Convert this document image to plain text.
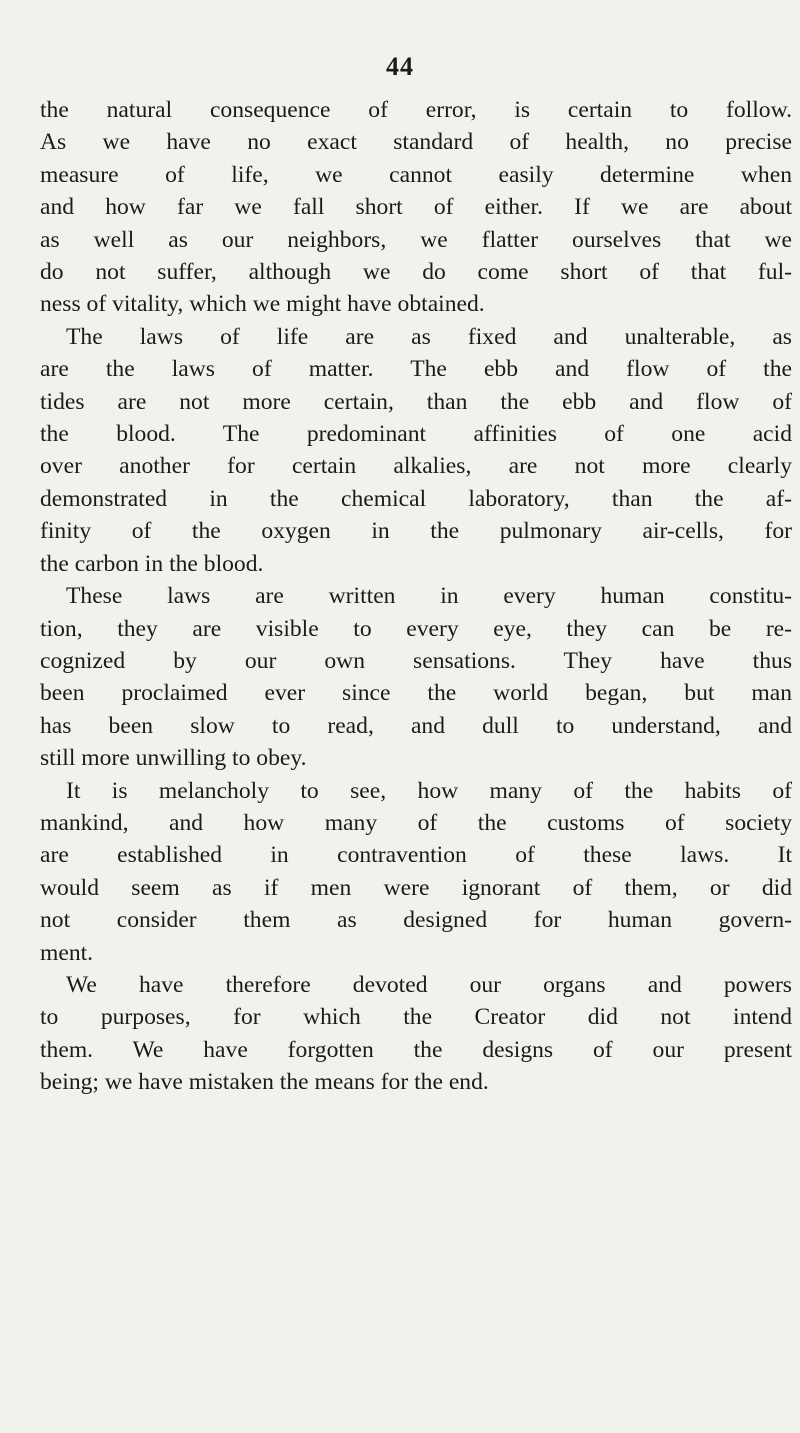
44
the natural consequence of error, is certain to follow.
As we have no exact standard of health, no precise
measure of life, we cannot easily determine when
and how far we fall short of either. If we are about
as well as our neighbors, we flatter ourselves that we
do not suffer, although we do come short of that ful-
ness of vitality, which we might have obtained.
The laws of life are as fixed and unalterable, as
are the laws of matter. The ebb and flow of the
tides are not more certain, than the ebb and flow of
the blood. The predominant affinities of one acid
over another for certain alkalies, are not more clearly
demonstrated in the chemical laboratory, than the af-
finity of the oxygen in the pulmonary air-cells, for
the carbon in the blood.
These laws are written in every human constitu-
tion, they are visible to every eye, they can be re-
cognized by our own sensations. They have thus
been proclaimed ever since the world began, but man
has been slow to read, and dull to understand, and
still more unwilling to obey.
It is melancholy to see, how many of the habits of
mankind, and how many of the customs of society
are established in contravention of these laws. It
would seem as if men were ignorant of them, or did
not consider them as designed for human govern-
ment.
We have therefore devoted our organs and powers
to purposes, for which the Creator did not intend
them. We have forgotten the designs of our present
being; we have mistaken the means for the end.
